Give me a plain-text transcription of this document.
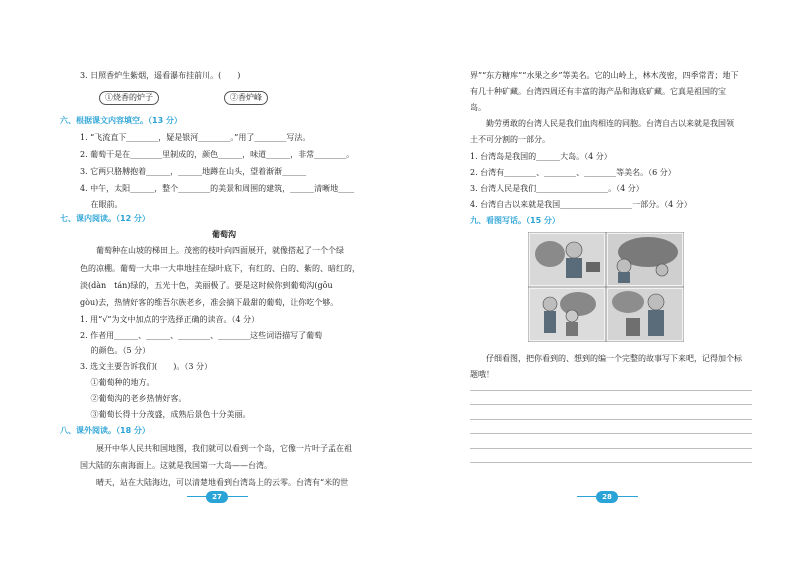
3. 日照香炉生紫烟，遥看瀑布挂前川。(　　)
①烧香的炉子	②香炉峰
六、根据课文内容填空。（13 分）
1. “飞流直下________，疑是银河________。”用了________写法。
2. 葡萄干是在________里制成的，颜色______，味道______，非常________。
3. 它两只胳膊抱着______，______地蹲在山头，望着渐渐______
4. 中午，太阳______，整个________的美景和周围的建筑，______清晰地____
　 在眼前。
七、课内阅读。（12 分）
葡萄沟
　　葡萄种在山坡的梯田上。茂密的枝叶向四面展开，就像搭起了一个个绿
色的凉棚。葡萄一大串一大串地挂在绿叶底下，有红的、白的、紫的、暗红的，
淡(dàn　tán)绿的，五光十色，美丽极了。要是这时候你到葡萄沟(gōu
gòu)去，热情好客的维吾尔族老乡，准会摘下最甜的葡萄，让你吃个够。
1. 用“√”为文中加点的字选择正确的读音。（4 分）
2. 作者用______、______、________、________这些词语描写了葡萄
　 的颜色。（5 分）
3. 选文主要告诉我们(　　)。（3 分）
　 ①葡萄种的地方。
　 ②葡萄沟的老乡热情好客。
　 ③葡萄长得十分茂盛，成熟后景色十分美丽。
八、课外阅读。（18 分）
　　展开中华人民共和国地图，我们就可以看到一个岛，它像一片叶子孟在祖
国大陆的东南海面上。这就是我国第一大岛——台湾。
　　晴天，站在大陆海边，可以清楚地看到台湾岛上的云零。台湾有“米的世
27
界”“东方糖库”“水果之乡”等美名。它的山岭上，林木茂密，四季常青；地下
有几十种矿藏。台湾四周还有丰富的海产品和海底矿藏。它真是祖国的宝
岛。
　　勤劳勇敢的台湾人民是我们血肉相连的同胞。台湾自古以来就是我国领
土不可分割的一部分。
1. 台湾岛是我国的______大岛。（4 分）
2. 台湾有________、________、________等美名。（6 分）
3. 台湾人民是我们__________________。（4 分）
4. 台湾自古以来就是我国__________________一部分。（4 分）
九、看图写话。（15 分）
　　仔细看图，把你看到的、想到的编一个完整的故事写下来吧，记得加个标
题哦！
28
